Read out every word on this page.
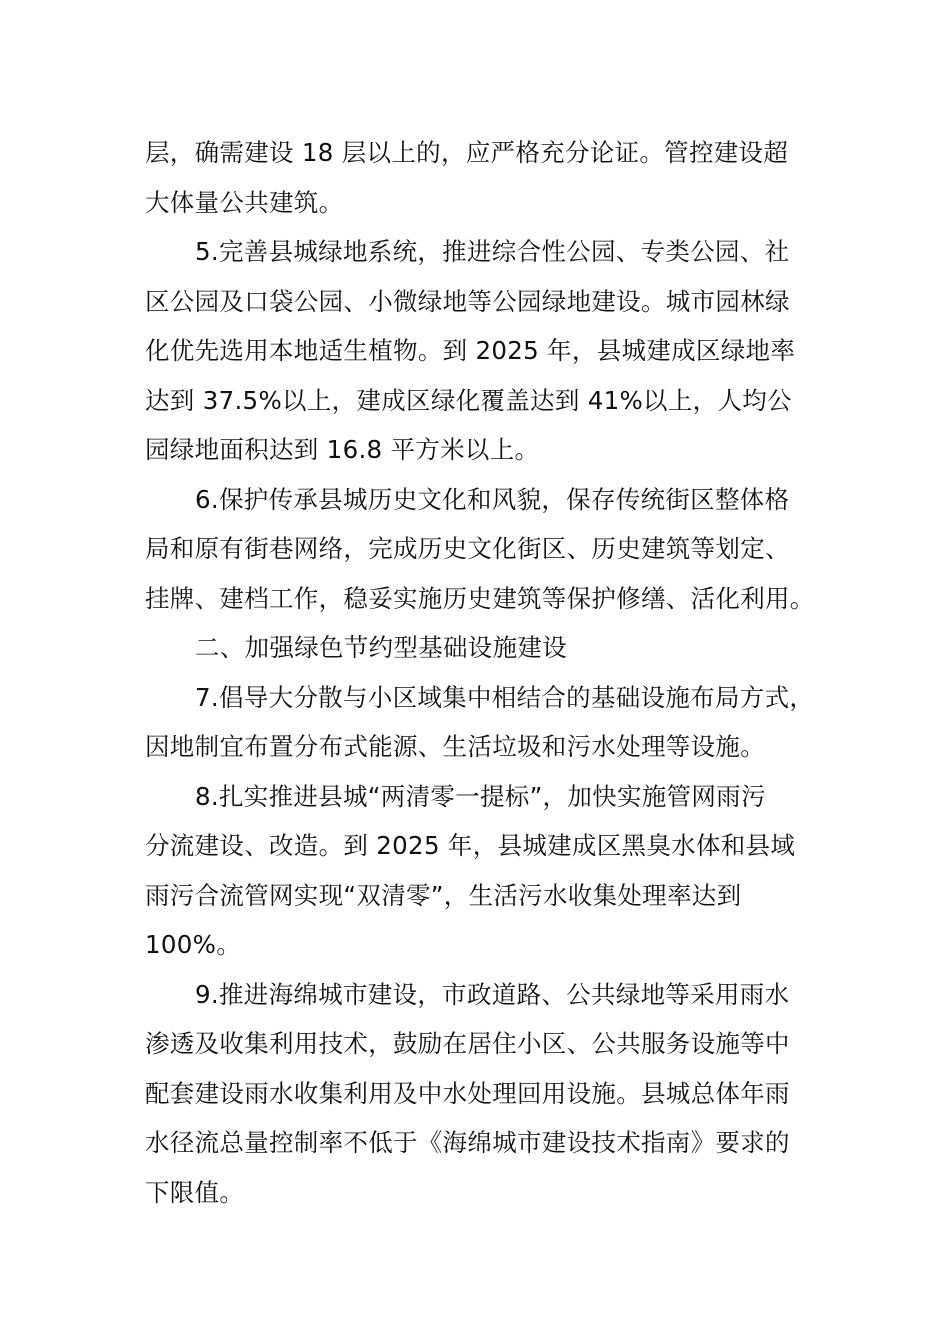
层，确需建设 18 层以上的，应严格充分论证。管控建设超
大体量公共建筑。
5.完善县城绿地系统，推进综合性公园、专类公园、社
区公园及口袋公园、小微绿地等公园绿地建设。城市园林绿
化优先选用本地适生植物。到 2025 年，县城建成区绿地率
达到 37.5%以上，建成区绿化覆盖达到 41%以上，人均公
园绿地面积达到 16.8 平方米以上。
6.保护传承县城历史文化和风貌，保存传统街区整体格
局和原有街巷网络，完成历史文化街区、历史建筑等划定、
挂牌、建档工作，稳妥实施历史建筑等保护修缮、活化利用。
二、加强绿色节约型基础设施建设
7.倡导大分散与小区域集中相结合的基础设施布局方式，
因地制宜布置分布式能源、生活垃圾和污水处理等设施。
8.扎实推进县城“两清零一提标”，加快实施管网雨污
分流建设、改造。到 2025 年，县城建成区黑臭水体和县域
雨污合流管网实现“双清零”，生活污水收集处理率达到
100%。
9.推进海绵城市建设，市政道路、公共绿地等采用雨水
渗透及收集利用技术，鼓励在居住小区、公共服务设施等中
配套建设雨水收集利用及中水处理回用设施。县城总体年雨
水径流总量控制率不低于《海绵城市建设技术指南》要求的
下限值。
